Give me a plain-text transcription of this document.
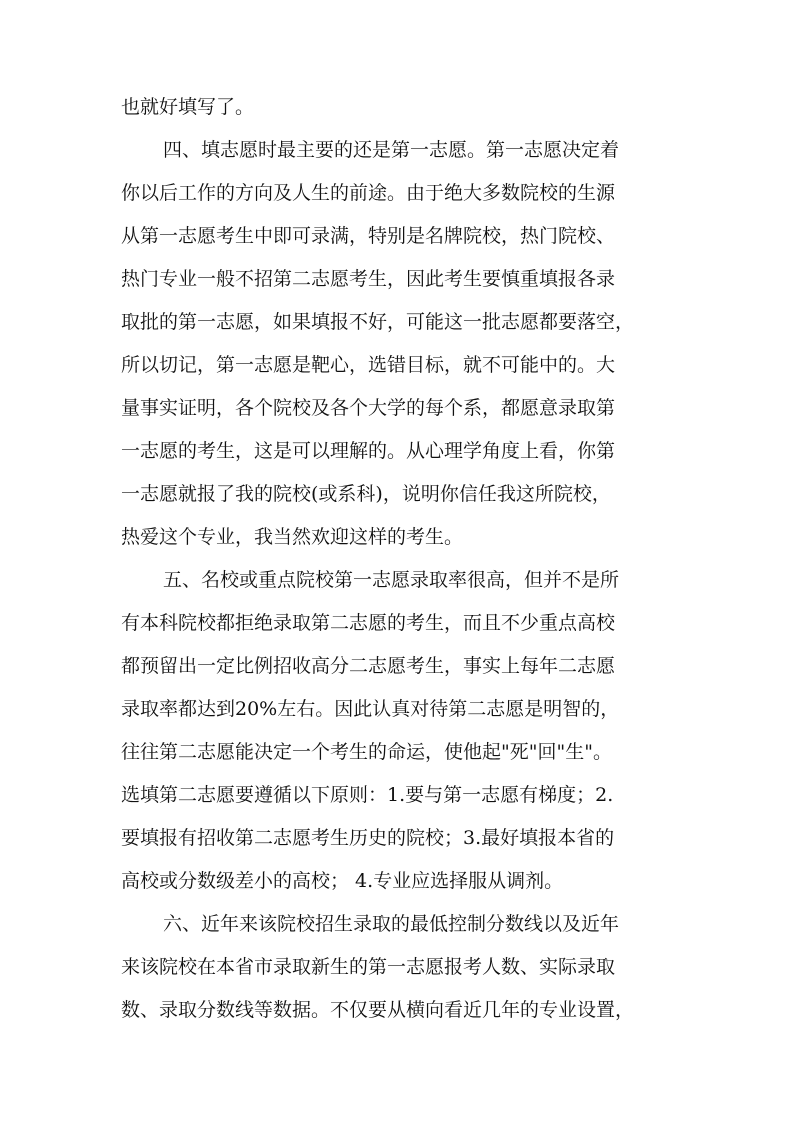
也就好填写了。
四、填志愿时最主要的还是第一志愿。第一志愿决定着
你以后工作的方向及人生的前途。由于绝大多数院校的生源
从第一志愿考生中即可录满，特别是名牌院校，热门院校、
热门专业一般不招第二志愿考生，因此考生要慎重填报各录
取批的第一志愿，如果填报不好，可能这一批志愿都要落空，
所以切记，第一志愿是靶心，选错目标，就不可能中的。大
量事实证明，各个院校及各个大学的每个系，都愿意录取第
一志愿的考生，这是可以理解的。从心理学角度上看，你第
一志愿就报了我的院校(或系科)，说明你信任我这所院校，
热爱这个专业，我当然欢迎这样的考生。
五、名校或重点院校第一志愿录取率很高，但并不是所
有本科院校都拒绝录取第二志愿的考生，而且不少重点高校
都预留出一定比例招收高分二志愿考生，事实上每年二志愿
录取率都达到20%左右。因此认真对待第二志愿是明智的，
往往第二志愿能决定一个考生的命运，使他起"死"回"生"。
选填第二志愿要遵循以下原则：1.要与第一志愿有梯度；2.
要填报有招收第二志愿考生历史的院校；3.最好填报本省的
高校或分数级差小的高校； 4.专业应选择服从调剂。
六、近年来该院校招生录取的最低控制分数线以及近年
来该院校在本省市录取新生的第一志愿报考人数、实际录取
数、录取分数线等数据。不仅要从横向看近几年的专业设置，
